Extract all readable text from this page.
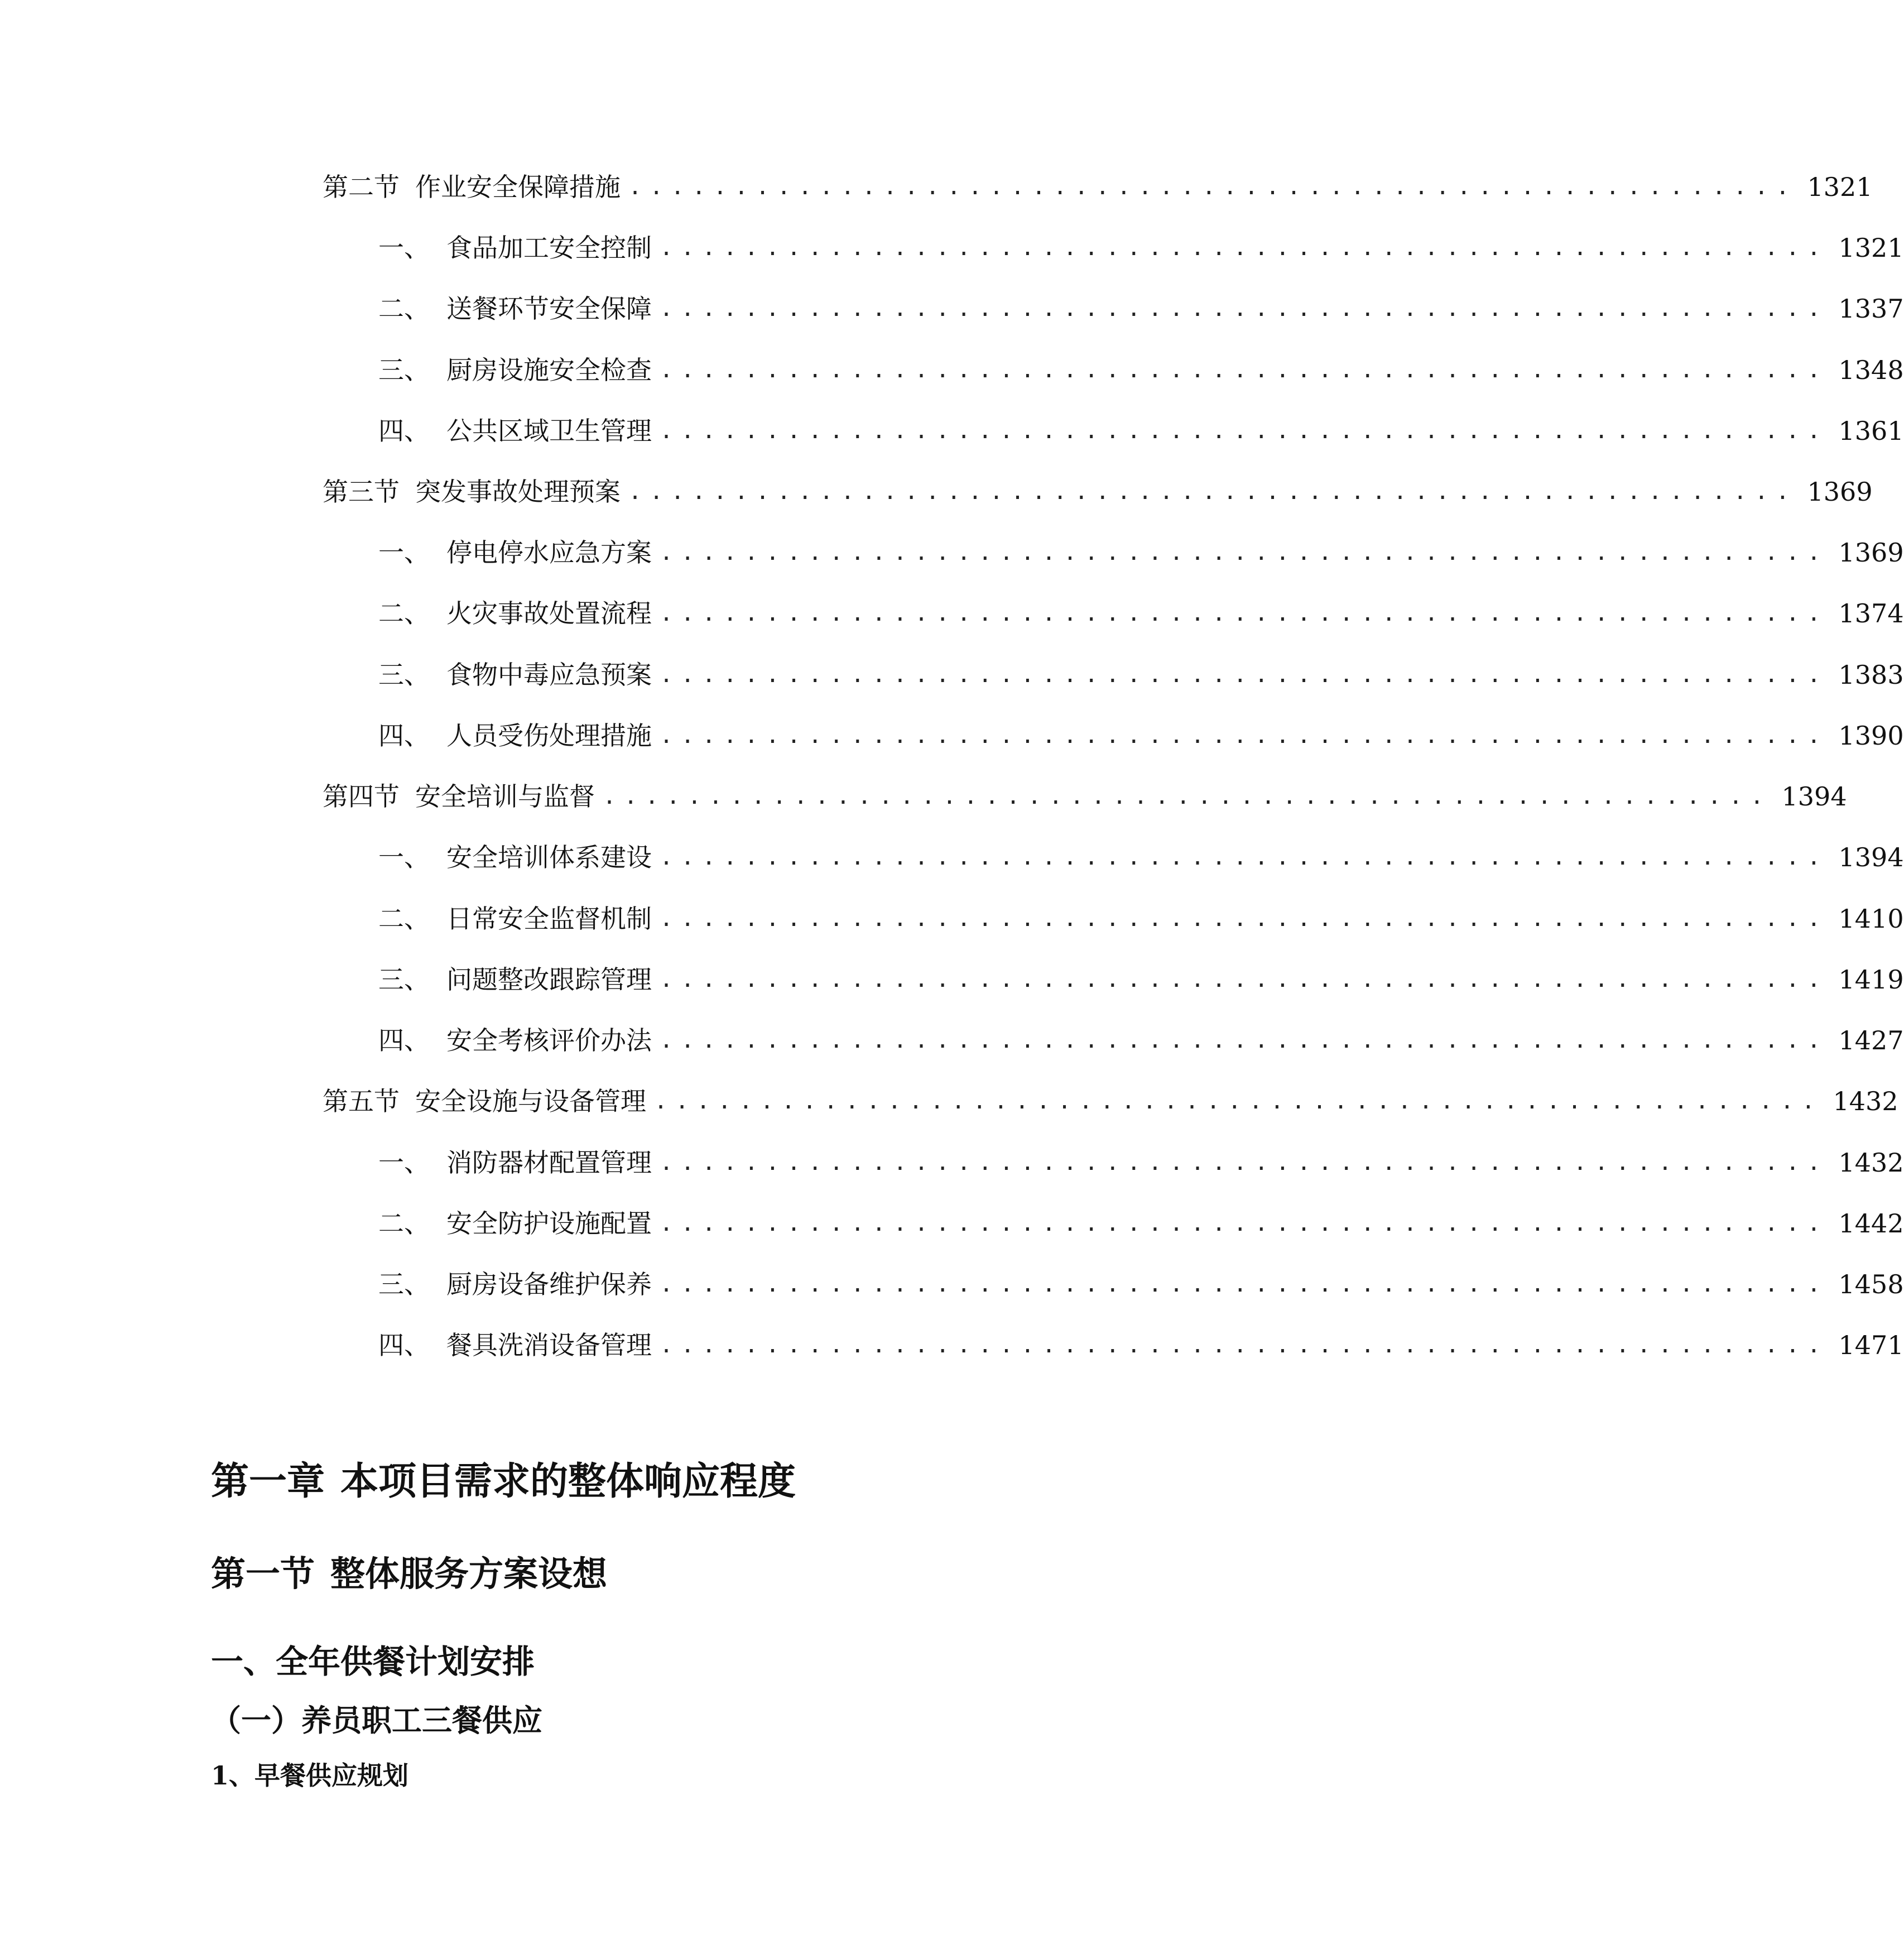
第二节 作业安全保障措施 ....................................................... 1321
一、 食品加工安全控制 ....................................................... 1321
二、 送餐环节安全保障 ....................................................... 1337
三、 厨房设施安全检查 ....................................................... 1348
四、 公共区域卫生管理 ....................................................... 1361
第三节 突发事故处理预案 ....................................................... 1369
一、 停电停水应急方案 ....................................................... 1369
二、 火灾事故处置流程 ....................................................... 1374
三、 食物中毒应急预案 ....................................................... 1383
四、 人员受伤处理措施 ....................................................... 1390
第四节 安全培训与监督 ....................................................... 1394
一、 安全培训体系建设 ....................................................... 1394
二、 日常安全监督机制 ....................................................... 1410
三、 问题整改跟踪管理 ....................................................... 1419
四、 安全考核评价办法 ....................................................... 1427
第五节 安全设施与设备管理 ....................................................... 1432
一、 消防器材配置管理 ....................................................... 1432
二、 安全防护设施配置 ....................................................... 1442
三、 厨房设备维护保养 ....................................................... 1458
四、 餐具洗消设备管理 ....................................................... 1471
第一章 本项目需求的整体响应程度
第一节 整体服务方案设想
一、全年供餐计划安排
（一）养员职工三餐供应
1、早餐供应规划
